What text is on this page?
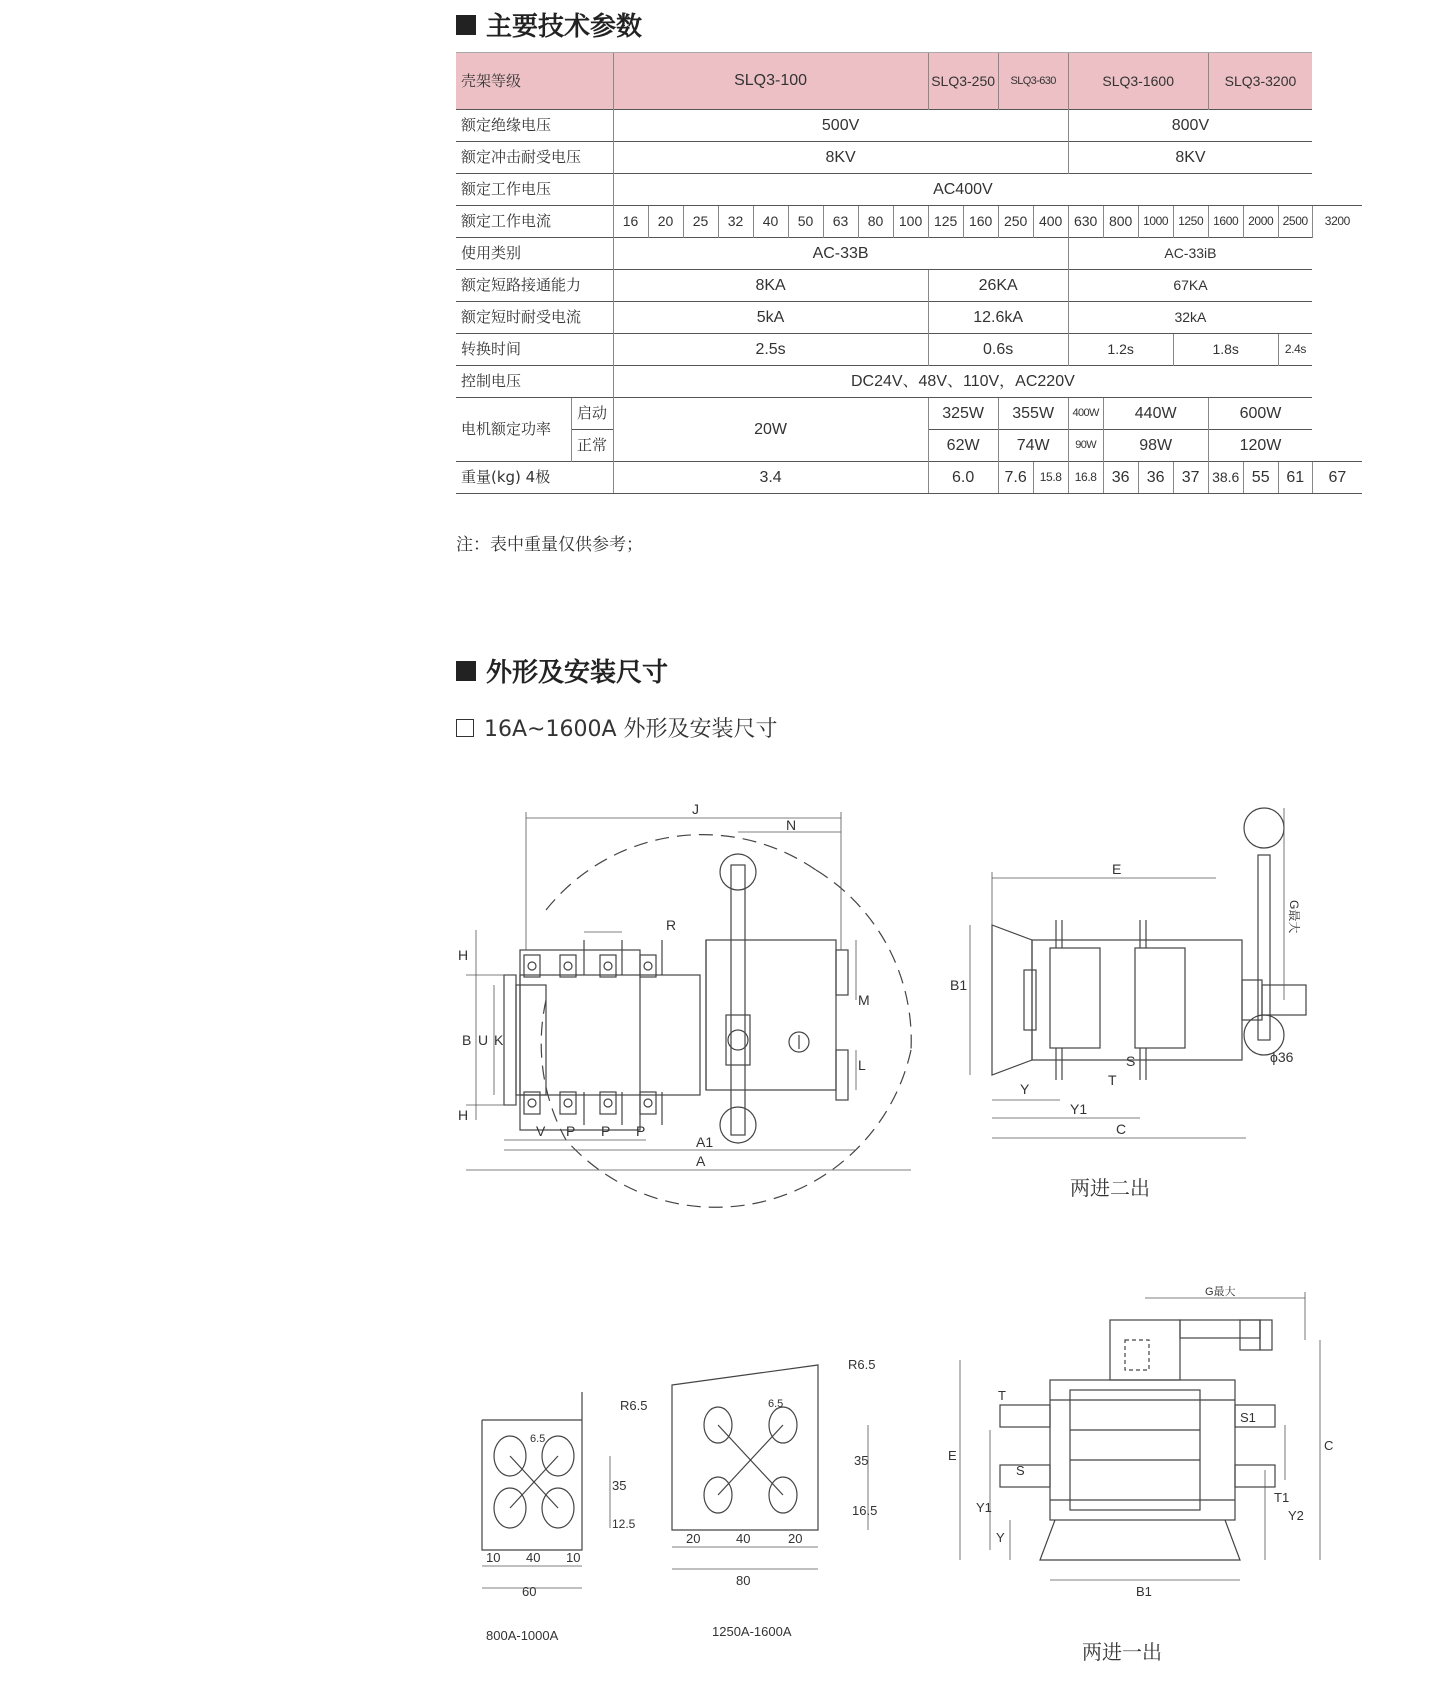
主要技术参数
壳架等级		SLQ3-100									SLQ3-250		SLQ3-630		SLQ3-1600				SLQ3-3200			
额定绝缘电压		500V													800V							
额定冲击耐受电压		8KV													8KV							
额定工作电压		AC400V																				
额定工作电流		16	20	25	32	40	50	63	80	100	125	160	250	400	630	800	1000	1250	1600	2000	2500	3200
使用类别		AC-33B													AC-33iB							
额定短路接通能力		8KA									26KA				67KA							
额定短时耐受电流		5kA									12.6kA				32kA							
转换时间		2.5s									0.6s				1.2s			1.8s			2.4s	
控制电压		DC24V、48V、110V，AC220V																				
电机额定功率	启动	20W									325W		355W		400W	440W			600W			
	正常										62W		74W		90W	98W			120W			
重量(kg) 4极		3.4									6.0		7.6	15.8	16.8	36	36	37	38.6	55	61	67
注：表中重量仅供参考；
外形及安装尺寸
16A~1600A 外形及安装尺寸
J
N
R
H
B U K
H
M
L
V P P P
A1
A
E
G最大
B1
S
T
Y
Y1
C
ϕ36
两进二出
R6.5
6.5
35
12.5
10 40 10
60
800A-1000A
R6.5
6.5
35
16.5
20	40	20
80
1250A-1600A
G最大
T
E
S
Y1
Y
S1
C
T1
Y2
B1
两进一出
